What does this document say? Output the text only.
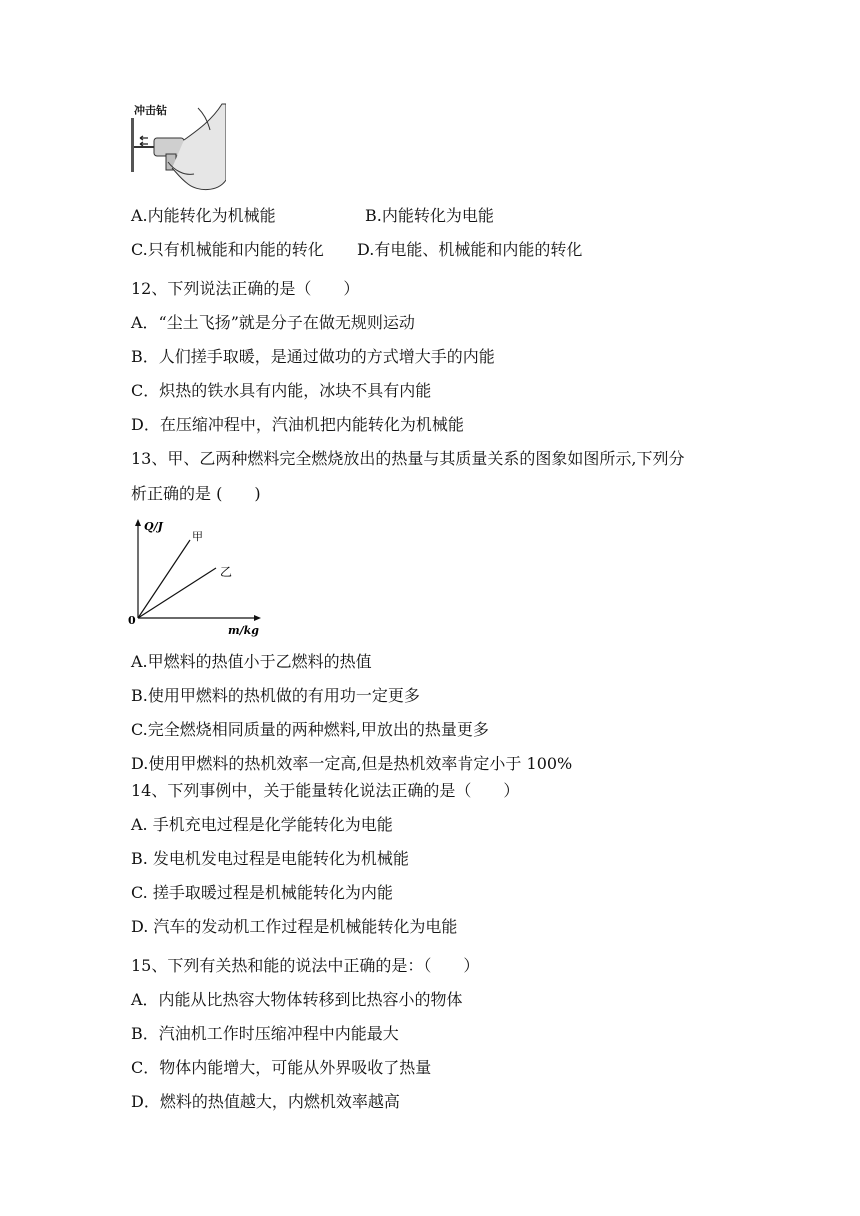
冲击钻
A.内能转化为机械能	B.内能转化为电能
C.只有机械能和内能的转化 D.有电能、机械能和内能的转化
12、下列说法正确的是（　　）
A．“尘土飞扬”就是分子在做无规则运动
B．人们搓手取暖，是通过做功的方式增大手的内能
C．炽热的铁水具有内能，冰块不具有内能
D．在压缩冲程中，汽油机把内能转化为机械能
13、甲、乙两种燃料完全燃烧放出的热量与其质量关系的图象如图所示,下列分
析正确的是 (　　)
Q/J
m/kg
0
甲
乙
A.甲燃料的热值小于乙燃料的热值
B.使用甲燃料的热机做的有用功一定更多
C.完全燃烧相同质量的两种燃料,甲放出的热量更多
D.使用甲燃料的热机效率一定高,但是热机效率肯定小于 100%
14、下列事例中，关于能量转化说法正确的是（　　）
A. 手机充电过程是化学能转化为电能
B. 发电机发电过程是电能转化为机械能
C. 搓手取暖过程是机械能转化为内能
D. 汽车的发动机工作过程是机械能转化为电能
15、下列有关热和能的说法中正确的是：（　　）
A．内能从比热容大物体转移到比热容小的物体
B．汽油机工作时压缩冲程中内能最大
C．物体内能增大，可能从外界吸收了热量
D．燃料的热值越大，内燃机效率越高
